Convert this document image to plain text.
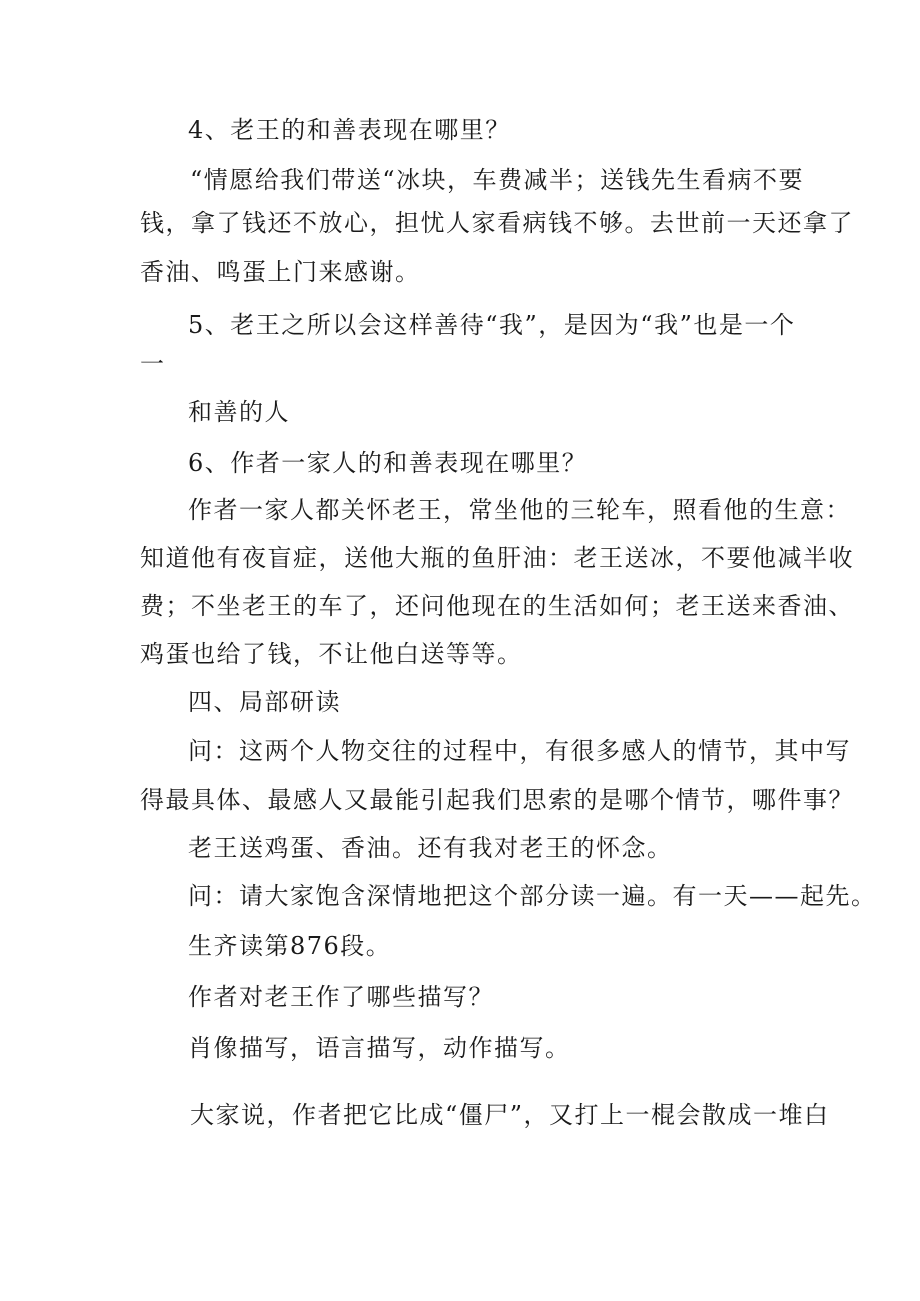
4、老王的和善表现在哪里？
“情愿给我们带送“冰块，车费减半；送钱先生看病不要
钱，拿了钱还不放心，担忧人家看病钱不够。去世前一天还拿了
香油、鸣蛋上门来感谢。
5、老王之所以会这样善待“我”，是因为“我”也是一个
一
和善的人
6、作者一家人的和善表现在哪里？
作者一家人都关怀老王，常坐他的三轮车，照看他的生意：
知道他有夜盲症，送他大瓶的鱼肝油：老王送冰，不要他减半收
费；不坐老王的车了，还问他现在的生活如何；老王送来香油、
鸡蛋也给了钱，不让他白送等等。
四、局部研读
问：这两个人物交往的过程中，有很多感人的情节，其中写
得最具体、最感人又最能引起我们思索的是哪个情节，哪件事？
老王送鸡蛋、香油。还有我对老王的怀念。
问：请大家饱含深情地把这个部分读一遍。有一天——起先。
生齐读第876段。
作者对老王作了哪些描写？
肖像描写，语言描写，动作描写。
大家说，作者把它比成“僵尸”，又打上一棍会散成一堆白
